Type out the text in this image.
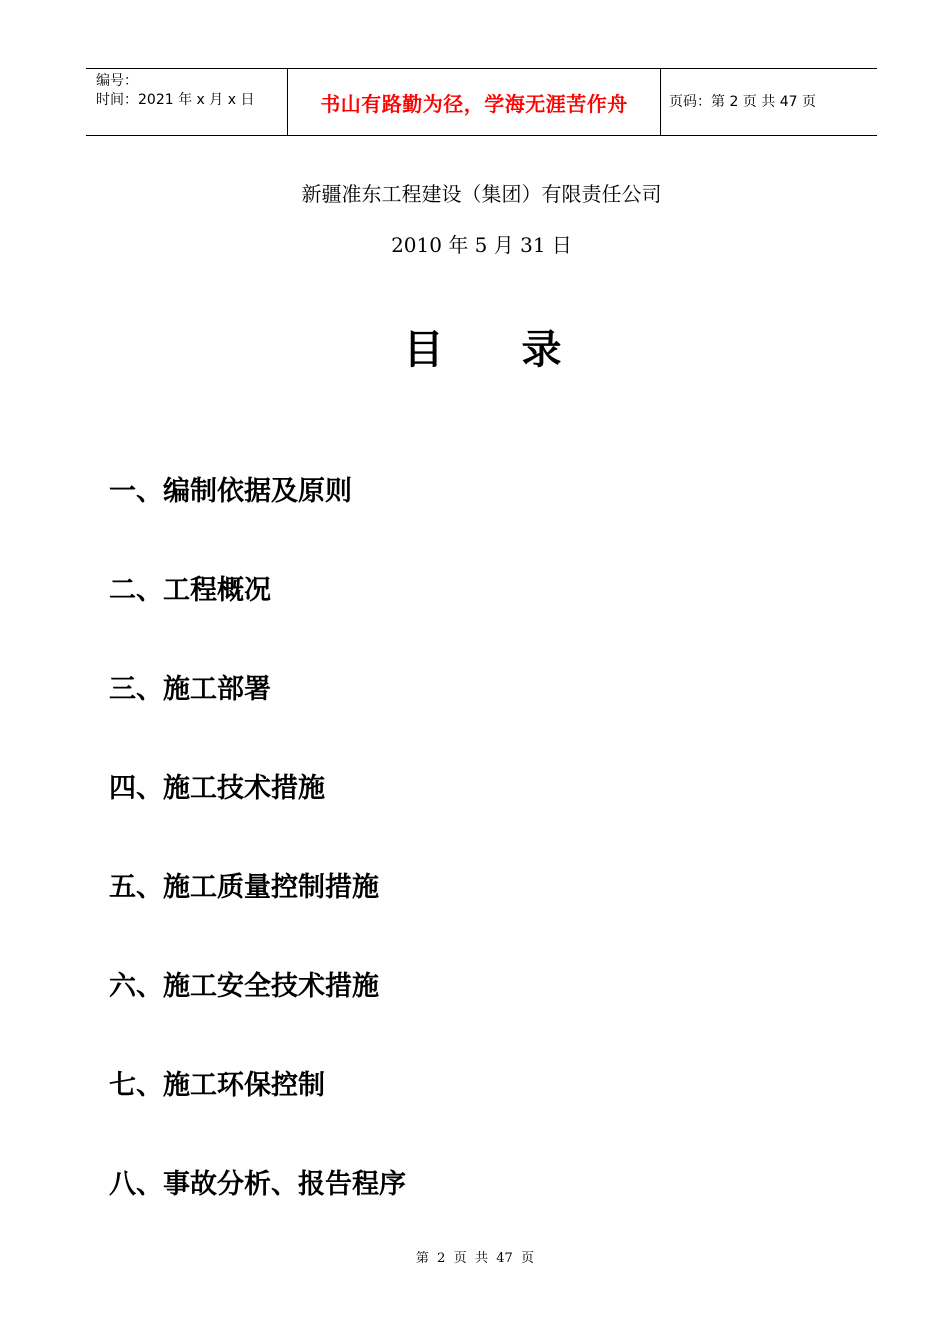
编号：
时间：2021 年 x 月 x 日	书山有路勤为径，学海无涯苦作舟	页码：第 2 页 共 47 页
新疆准东工程建设（集团）有限责任公司
2010 年 5 月 31 日
目录
一、编制依据及原则
二、工程概况
三、施工部署
四、施工技术措施
五、施工质量控制措施
六、施工安全技术措施
七、施工环保控制
八、事故分析、报告程序
第  2  页  共  47  页
